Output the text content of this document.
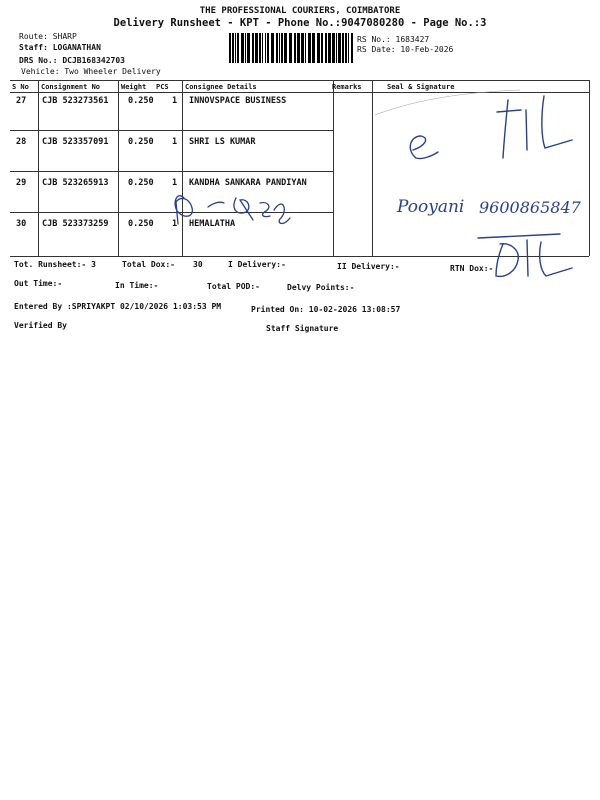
THE PROFESSIONAL COURIERS, COIMBATORE
Delivery Runsheet - KPT - Phone No.:9047080280 - Page No.:3
Route: SHARP
Staff: LOGANATHAN
DRS No.: DCJB168342703
Vehicle: Two Wheeler Delivery
RS No.: 1683427
RS Date: 10-Feb-2026
S No Consignment No	Weight PCS Consignee Details	Remarks	Seal & Signature
27 CJB 523273561 0.250 1 INNOVSPACE BUSINESS
28 CJB 523357091 0.250 1 SHRI LS KUMAR
29 CJB 523265913 0.250 1 KANDHA SANKARA PANDIYAN
30 CJB 523373259 0.250 1 HEMALATHA
Tot. Runsheet:- 3	Total Dox:- 30	I Delivery:-	II Delivery:-	RTN Dox:-
Out Time:-	In Time:-	Total POD:-	Delvy Points:-
Entered By :SPRIYAKPT 02/10/2026 1:03:53 PM	Printed On: 10-02-2026 13:08:57
Verified By	Staff Signature
Pooyani 9600865847
